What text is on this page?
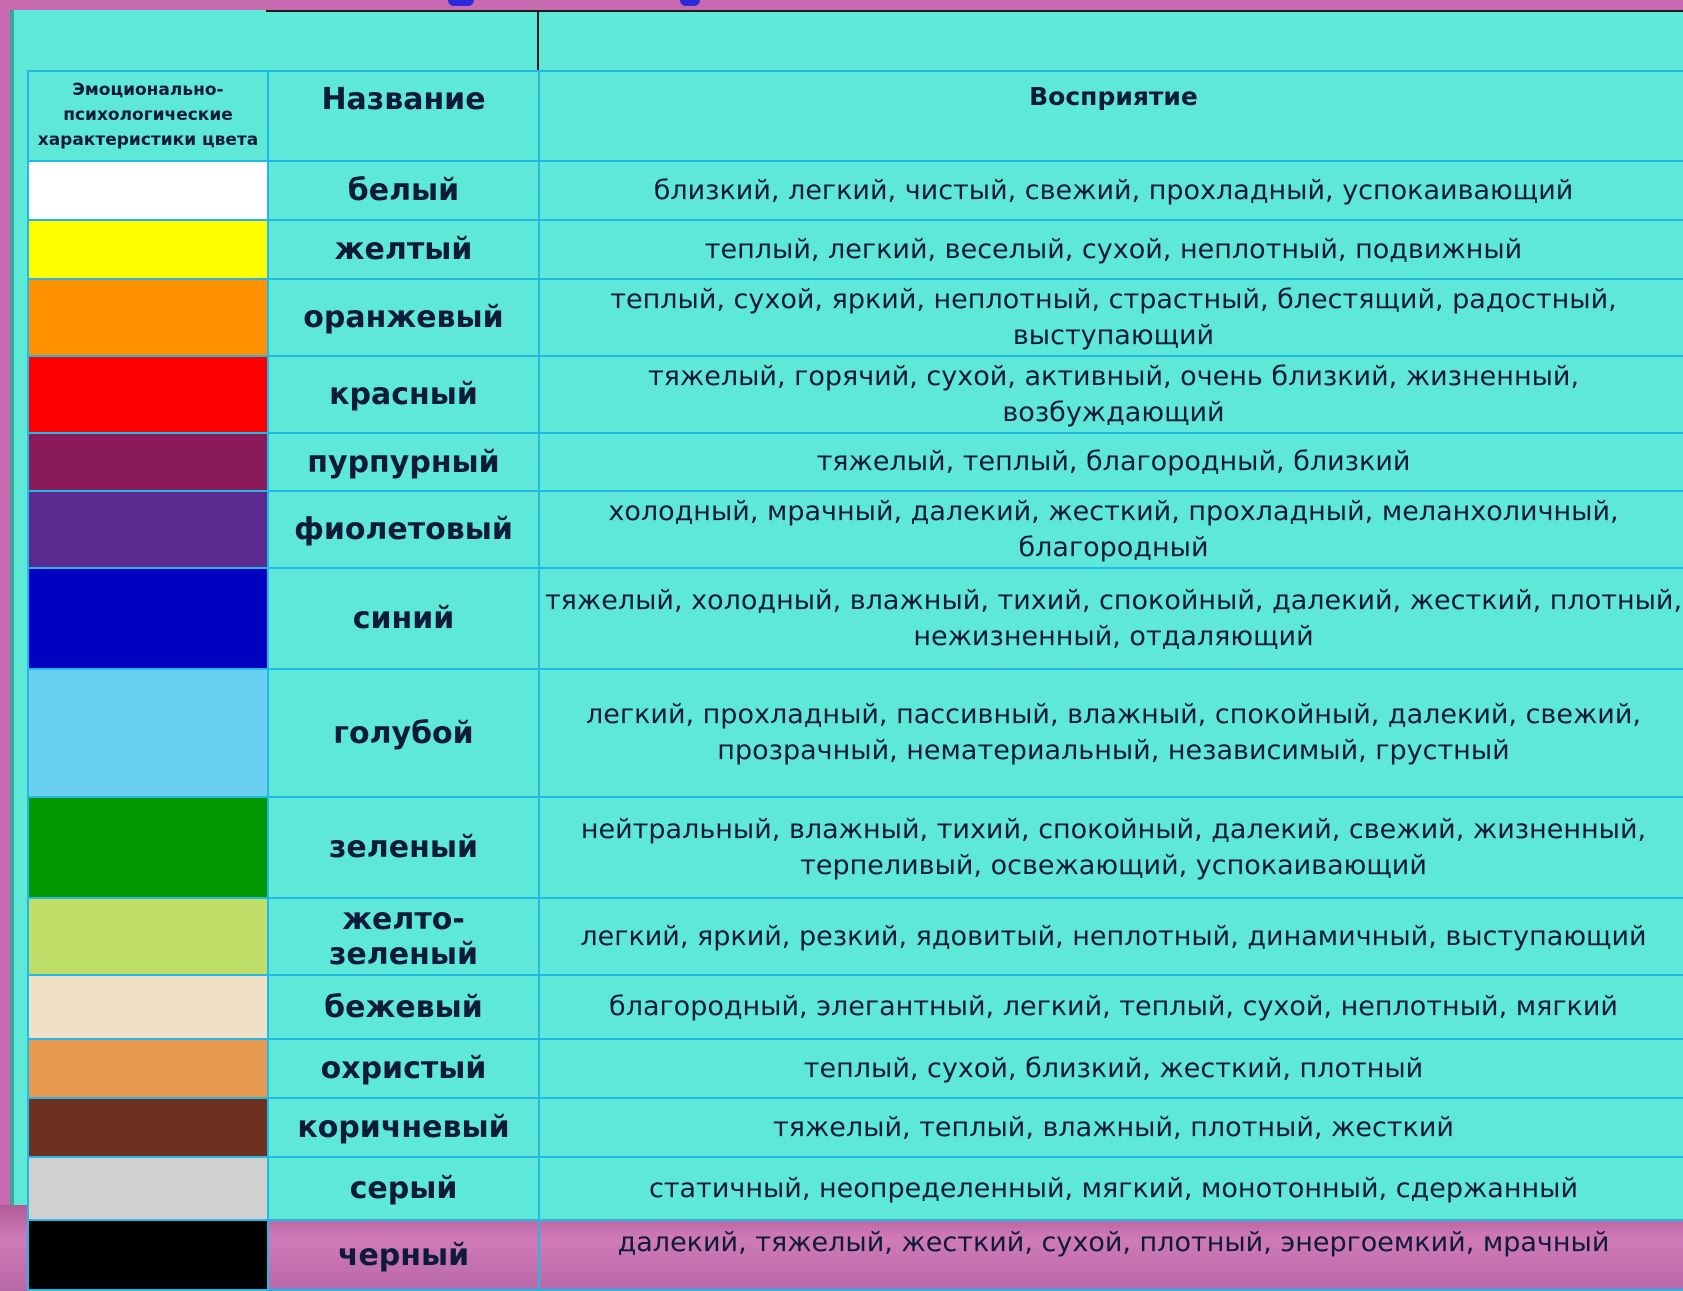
Эмоционально-психологические характеристики цвета	Название	Восприятие
	белый	близкий, легкий, чистый, свежий, прохладный, успокаивающий
	желтый	теплый, легкий, веселый, сухой, неплотный, подвижный
	оранжевый	теплый, сухой, яркий, неплотный, страстный, блестящий, радостный, выступающий
	красный	тяжелый, горячий, сухой, активный, очень близкий, жизненный, возбуждающий
	пурпурный	тяжелый, теплый, благородный, близкий
	фиолетовый	холодный, мрачный, далекий, жесткий, прохладный, меланхоличный, благородный
	синий	тяжелый, холодный, влажный, тихий, спокойный, далекий, жесткий, плотный, нежизненный, отдаляющий
	голубой	легкий, прохладный, пассивный, влажный, спокойный, далекий, свежий, прозрачный, нематериальный, независимый, грустный
	зеленый	нейтральный, влажный, тихий, спокойный, далекий, свежий, жизненный, терпеливый, освежающий, успокаивающий
	желто-зеленый	легкий, яркий, резкий, ядовитый, неплотный, динамичный, выступающий
	бежевый	благородный, элегантный, легкий, теплый, сухой, неплотный, мягкий
	охристый	теплый, сухой, близкий, жесткий, плотный
	коричневый	тяжелый, теплый, влажный, плотный, жесткий
	серый	статичный, неопределенный, мягкий, монотонный, сдержанный
	черный	далекий, тяжелый, жесткий, сухой, плотный, энергоемкий, мрачный
